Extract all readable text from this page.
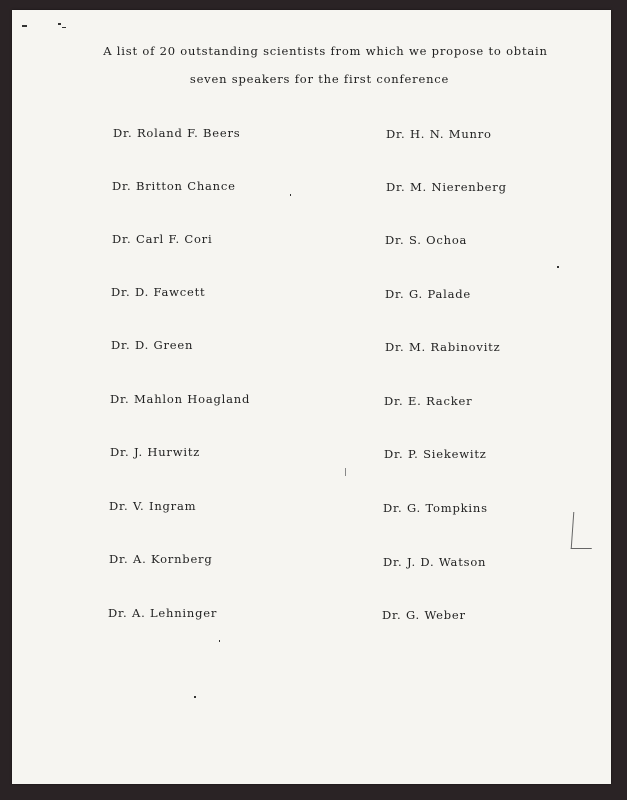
A list of 20 outstanding scientists from which we propose to obtain
seven speakers for the first conference
Dr. Roland F. Beers
Dr. Britton Chance
Dr. Carl F. Cori
Dr. D. Fawcett
Dr. D. Green
Dr. Mahlon Hoagland
Dr. J. Hurwitz
Dr. V. Ingram
Dr. A. Kornberg
Dr. A. Lehninger
Dr. H. N. Munro
Dr. M. Nierenberg
Dr. S. Ochoa
Dr. G. Palade
Dr. M. Rabinovitz
Dr. E. Racker
Dr. P. Siekewitz
Dr. G. Tompkins
Dr. J. D. Watson
Dr. G. Weber
